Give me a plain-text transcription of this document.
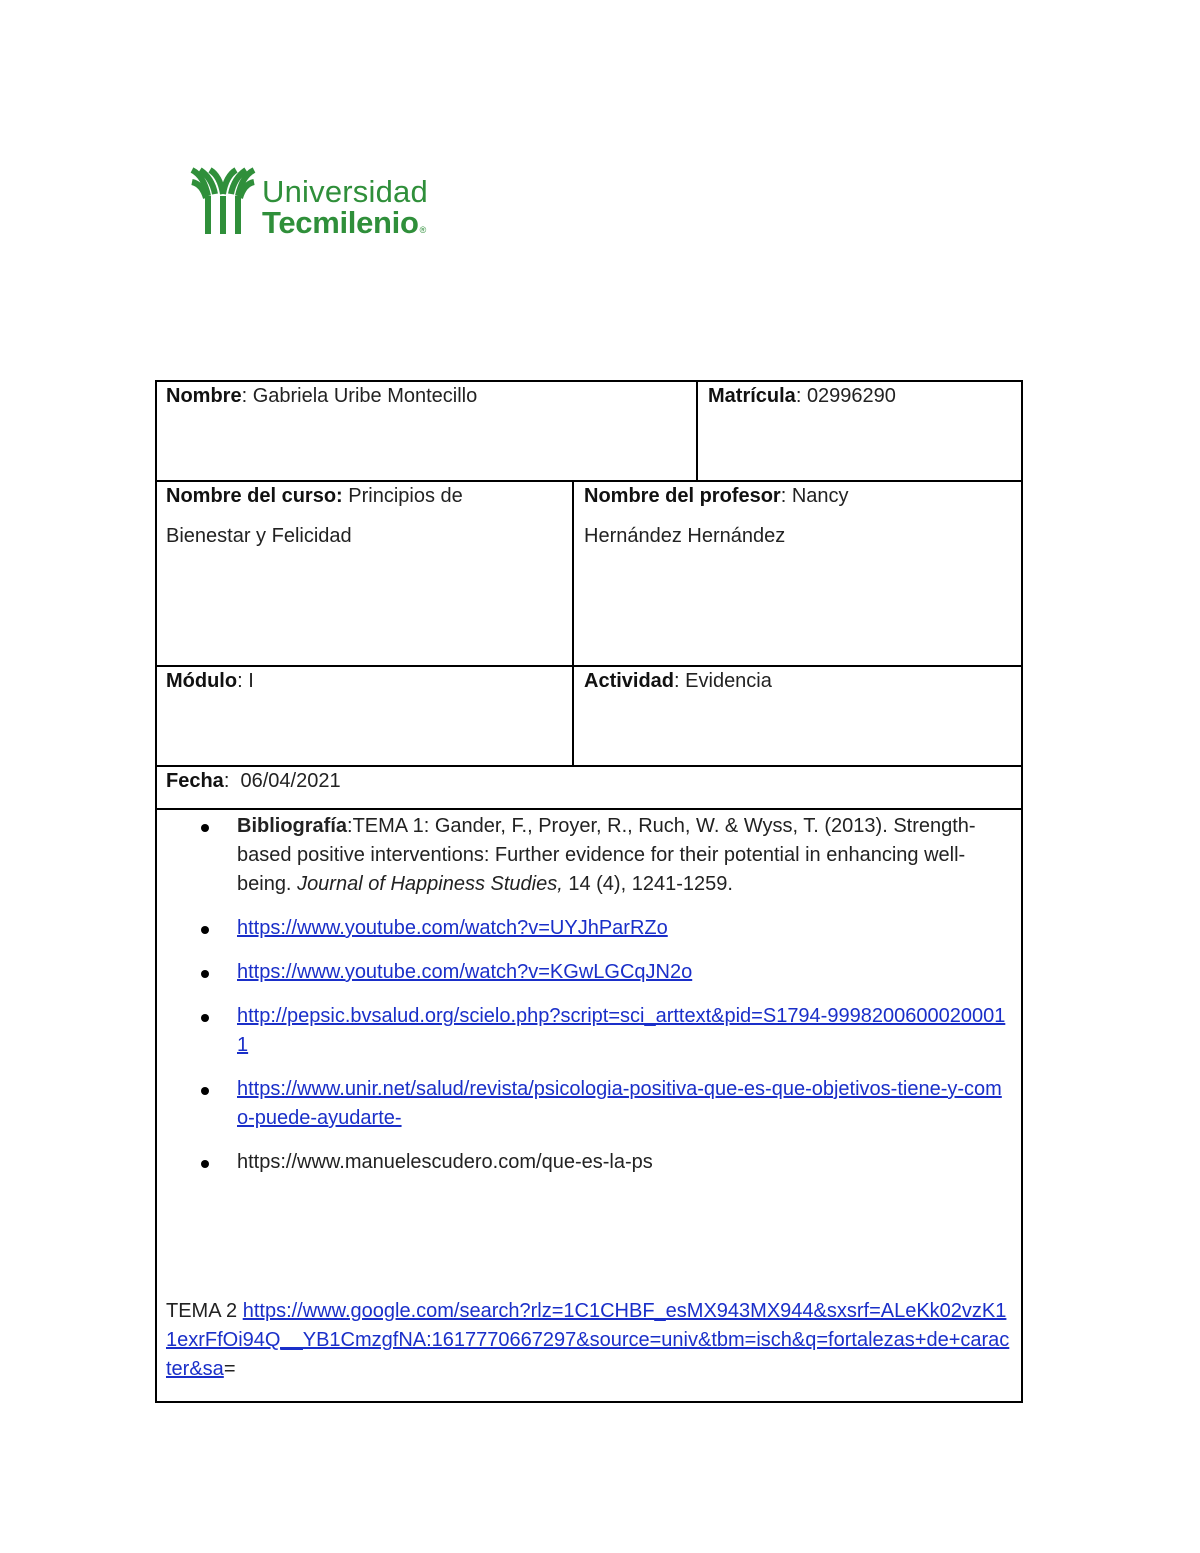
Universidad
Tecmilenio®
Nombre: Gabriela Uribe Montecillo	Matrícula: 02996290
Nombre del curso: Principios de Bienestar y Felicidad
Nombre del profesor: Nancy Hernández Hernández
Módulo: I	Actividad: Evidencia
Fecha:  06/04/2021
Bibliografía:TEMA 1: Gander, F., Proyer, R., Ruch, W. & Wyss, T. (2013). Strength-based positive interventions: Further evidence for their potential in enhancing well-being. Journal of Happiness Studies, 14 (4), 1241-1259.
https://www.youtube.com/watch?v=UYJhParRZo
https://www.youtube.com/watch?v=KGwLGCqJN2o
http://pepsic.bvsalud.org/scielo.php?script=sci_arttext&pid=S1794-99982006000200011
https://www.unir.net/salud/revista/psicologia-positiva-que-es-que-objetivos-tiene-y-como-puede-ayudarte-
https://www.manuelescudero.com/que-es-la-ps
TEMA 2 https://www.google.com/search?rlz=1C1CHBF_esMX943MX944&sxsrf=ALeKk02vzK11exrFfOi94Q__YB1CmzgfNA:1617770667297&source=univ&tbm=isch&q=fortalezas+de+caracter&sa=
